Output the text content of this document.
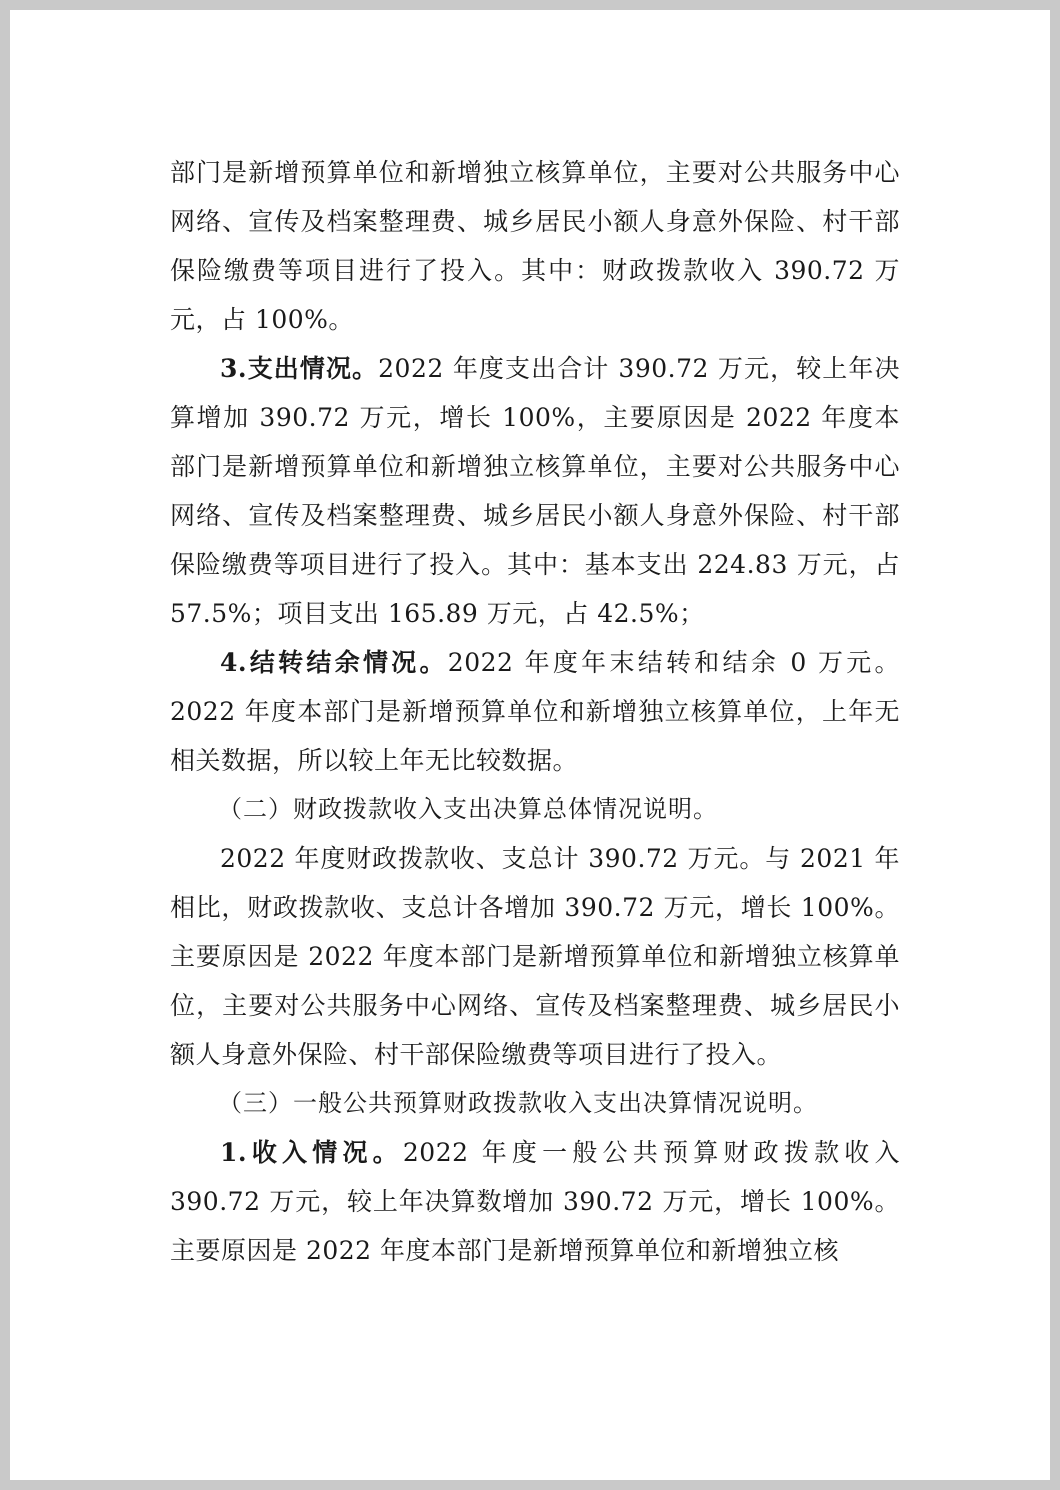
部门是新增预算单位和新增独立核算单位，主要对公共服务中心网络、宣传及档案整理费、城乡居民小额人身意外保险、村干部保险缴费等项目进行了投入。其中：财政拨款收入 390.72 万元，占 100%。

3.支出情况。2022 年度支出合计 390.72 万元，较上年决算增加 390.72 万元，增长 100%，主要原因是 2022 年度本部门是新增预算单位和新增独立核算单位，主要对公共服务中心网络、宣传及档案整理费、城乡居民小额人身意外保险、村干部保险缴费等项目进行了投入。其中：基本支出 224.83 万元，占 57.5%；项目支出 165.89 万元，占 42.5%；

4.结转结余情况。2022 年度年末结转和结余 0 万元。2022 年度本部门是新增预算单位和新增独立核算单位，上年无相关数据，所以较上年无比较数据。

（二）财政拨款收入支出决算总体情况说明。

2022 年度财政拨款收、支总计 390.72 万元。与 2021 年相比，财政拨款收、支总计各增加 390.72 万元，增长 100%。主要原因是 2022 年度本部门是新增预算单位和新增独立核算单位，主要对公共服务中心网络、宣传及档案整理费、城乡居民小额人身意外保险、村干部保险缴费等项目进行了投入。

（三）一般公共预算财政拨款收入支出决算情况说明。

1.收入情况。2022 年度一般公共预算财政拨款收入 390.72 万元，较上年决算数增加 390.72 万元，增长 100%。主要原因是 2022 年度本部门是新增预算单位和新增独立核
